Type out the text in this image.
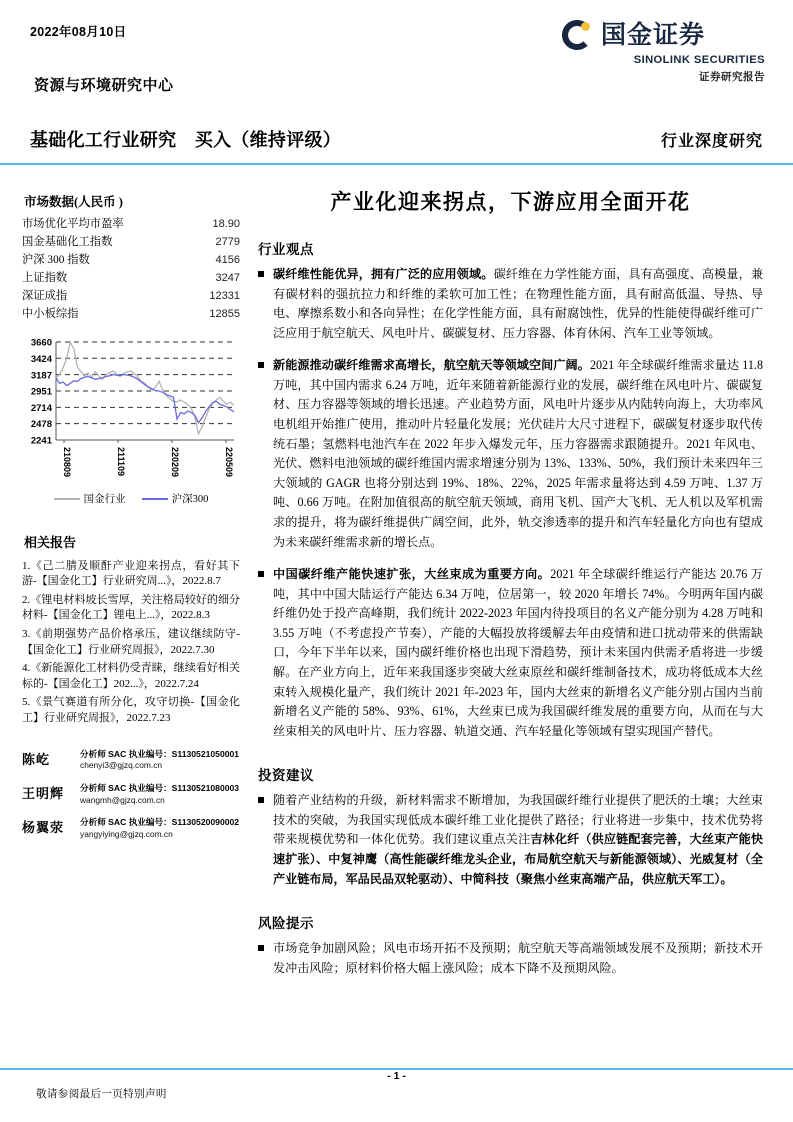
2022年08月10日	国金证券
SINOLINK SECURITIES
证券研究报告
资源与环境研究中心
基础化工行业研究　买入（维持评级）	行业深度研究
市场数据(人民币 )
市场优化平均市盈率	18.90
国金基础化工指数	2779
沪深 300 指数	4156
上证指数	3247
深证成指	12331
中小板综指	12855
2241
2478
2714
2951
3187
3424
3660
210809	211109	220209	220509
国金行业	沪深300
相关报告
1.《己二腈及顺酐产业迎来拐点，看好其下游-【国金化工】行业研究周...》，2022.8.7
2.《锂电材料坡长雪厚，关注格局较好的细分材料-【国金化工】锂电上...》，2022.8.3
3.《前期强势产品价格承压，建议继续防守-【国金化工】行业研究周报》，2022.7.30
4.《新能源化工材料仍受青睐，继续看好相关标的-【国金化工】202...》，2022.7.24
5.《景气赛道有所分化，攻守切换-【国金化工】行业研究周报》，2022.7.23
陈屹	分析师 SAC 执业编号：S1130521050001
chenyi3@gjzq.com.cn
王明辉	分析师 SAC 执业编号：S1130521080003
wangmh@gjzq.com.cn
杨翼荥	分析师 SAC 执业编号：S1130520090002
yangyiying@gjzq.com.cn
产业化迎来拐点，下游应用全面开花
行业观点
碳纤维性能优异，拥有广泛的应用领域。碳纤维在力学性能方面，具有高强度、高模量，兼有碳材料的强抗拉力和纤维的柔软可加工性；在物理性能方面，具有耐高低温、导热、导电、摩擦系数小和各向异性；在化学性能方面，具有耐腐蚀性，优异的性能使得碳纤维可广泛应用于航空航天、风电叶片、碳碳复材、压力容器、体育休闲、汽车工业等领域。
新能源推动碳纤维需求高增长，航空航天等领域空间广阔。2021 年全球碳纤维需求量达 11.8 万吨，其中国内需求 6.24 万吨，近年来随着新能源行业的发展，碳纤维在风电叶片、碳碳复材、压力容器等领域的增长迅速。产业趋势方面，风电叶片逐步从内陆转向海上，大功率风电机组开始推广使用，推动叶片轻量化发展；光伏硅片大尺寸进程下，碳碳复材逐步取代传统石墨；氢燃料电池汽车在 2022 年步入爆发元年，压力容器需求跟随提升。2021 年风电、光伏、燃料电池领域的碳纤维国内需求增速分别为 13%、133%、50%，我们预计未来四年三大领域的 GAGR 也将分别达到 19%、18%、22%，2025 年需求量将达到 4.59 万吨、1.37 万吨、0.66 万吨。在附加值很高的航空航天领域，商用飞机、国产大飞机、无人机以及军机需求的提升，将为碳纤维提供广阔空间，此外，轨交渗透率的提升和汽车轻量化方向也有望成为未来碳纤维需求新的增长点。
中国碳纤维产能快速扩张，大丝束成为重要方向。2021 年全球碳纤维运行产能达 20.76 万吨，其中中国大陆运行产能达 6.34 万吨，位居第一，较 2020 年增长 74%。今明两年国内碳纤维仍处于投产高峰期，我们统计 2022-2023 年国内待投项目的名义产能分别为 4.28 万吨和 3.55 万吨（不考虑投产节奏），产能的大幅投放将缓解去年由疫情和进口扰动带来的供需缺口，今年下半年以来，国内碳纤维价格也出现下滑趋势，预计未来国内供需矛盾将进一步缓解。在产业方向上，近年来我国逐步突破大丝束原丝和碳纤维制备技术，成功将低成本大丝束转入规模化量产，我们统计 2021 年-2023 年，国内大丝束的新增名义产能分别占国内当前新增名义产能的 58%、93%、61%，大丝束已成为我国碳纤维发展的重要方向，从而在与大丝束相关的风电叶片、压力容器、轨道交通、汽车轻量化等领域有望实现国产替代。
投资建议
随着产业结构的升级，新材料需求不断增加，为我国碳纤维行业提供了肥沃的土壤；大丝束技术的突破，为我国实现低成本碳纤维工业化提供了路径；行业将进一步集中，技术优势将带来规模优势和一体化优势。我们建议重点关注吉林化纤（供应链配套完善，大丝束产能快速扩张）、中复神鹰（高性能碳纤维龙头企业，布局航空航天与新能源领域）、光威复材（全产业链布局，军品民品双轮驱动）、中简科技（聚焦小丝束高端产品，供应航天军工）。
风险提示
市场竞争加剧风险；风电市场开拓不及预期；航空航天等高端领域发展不及预期；新技术开发冲击风险；原材料价格大幅上涨风险；成本下降不及预期风险。
- 1 -
敬请参阅最后一页特别声明
